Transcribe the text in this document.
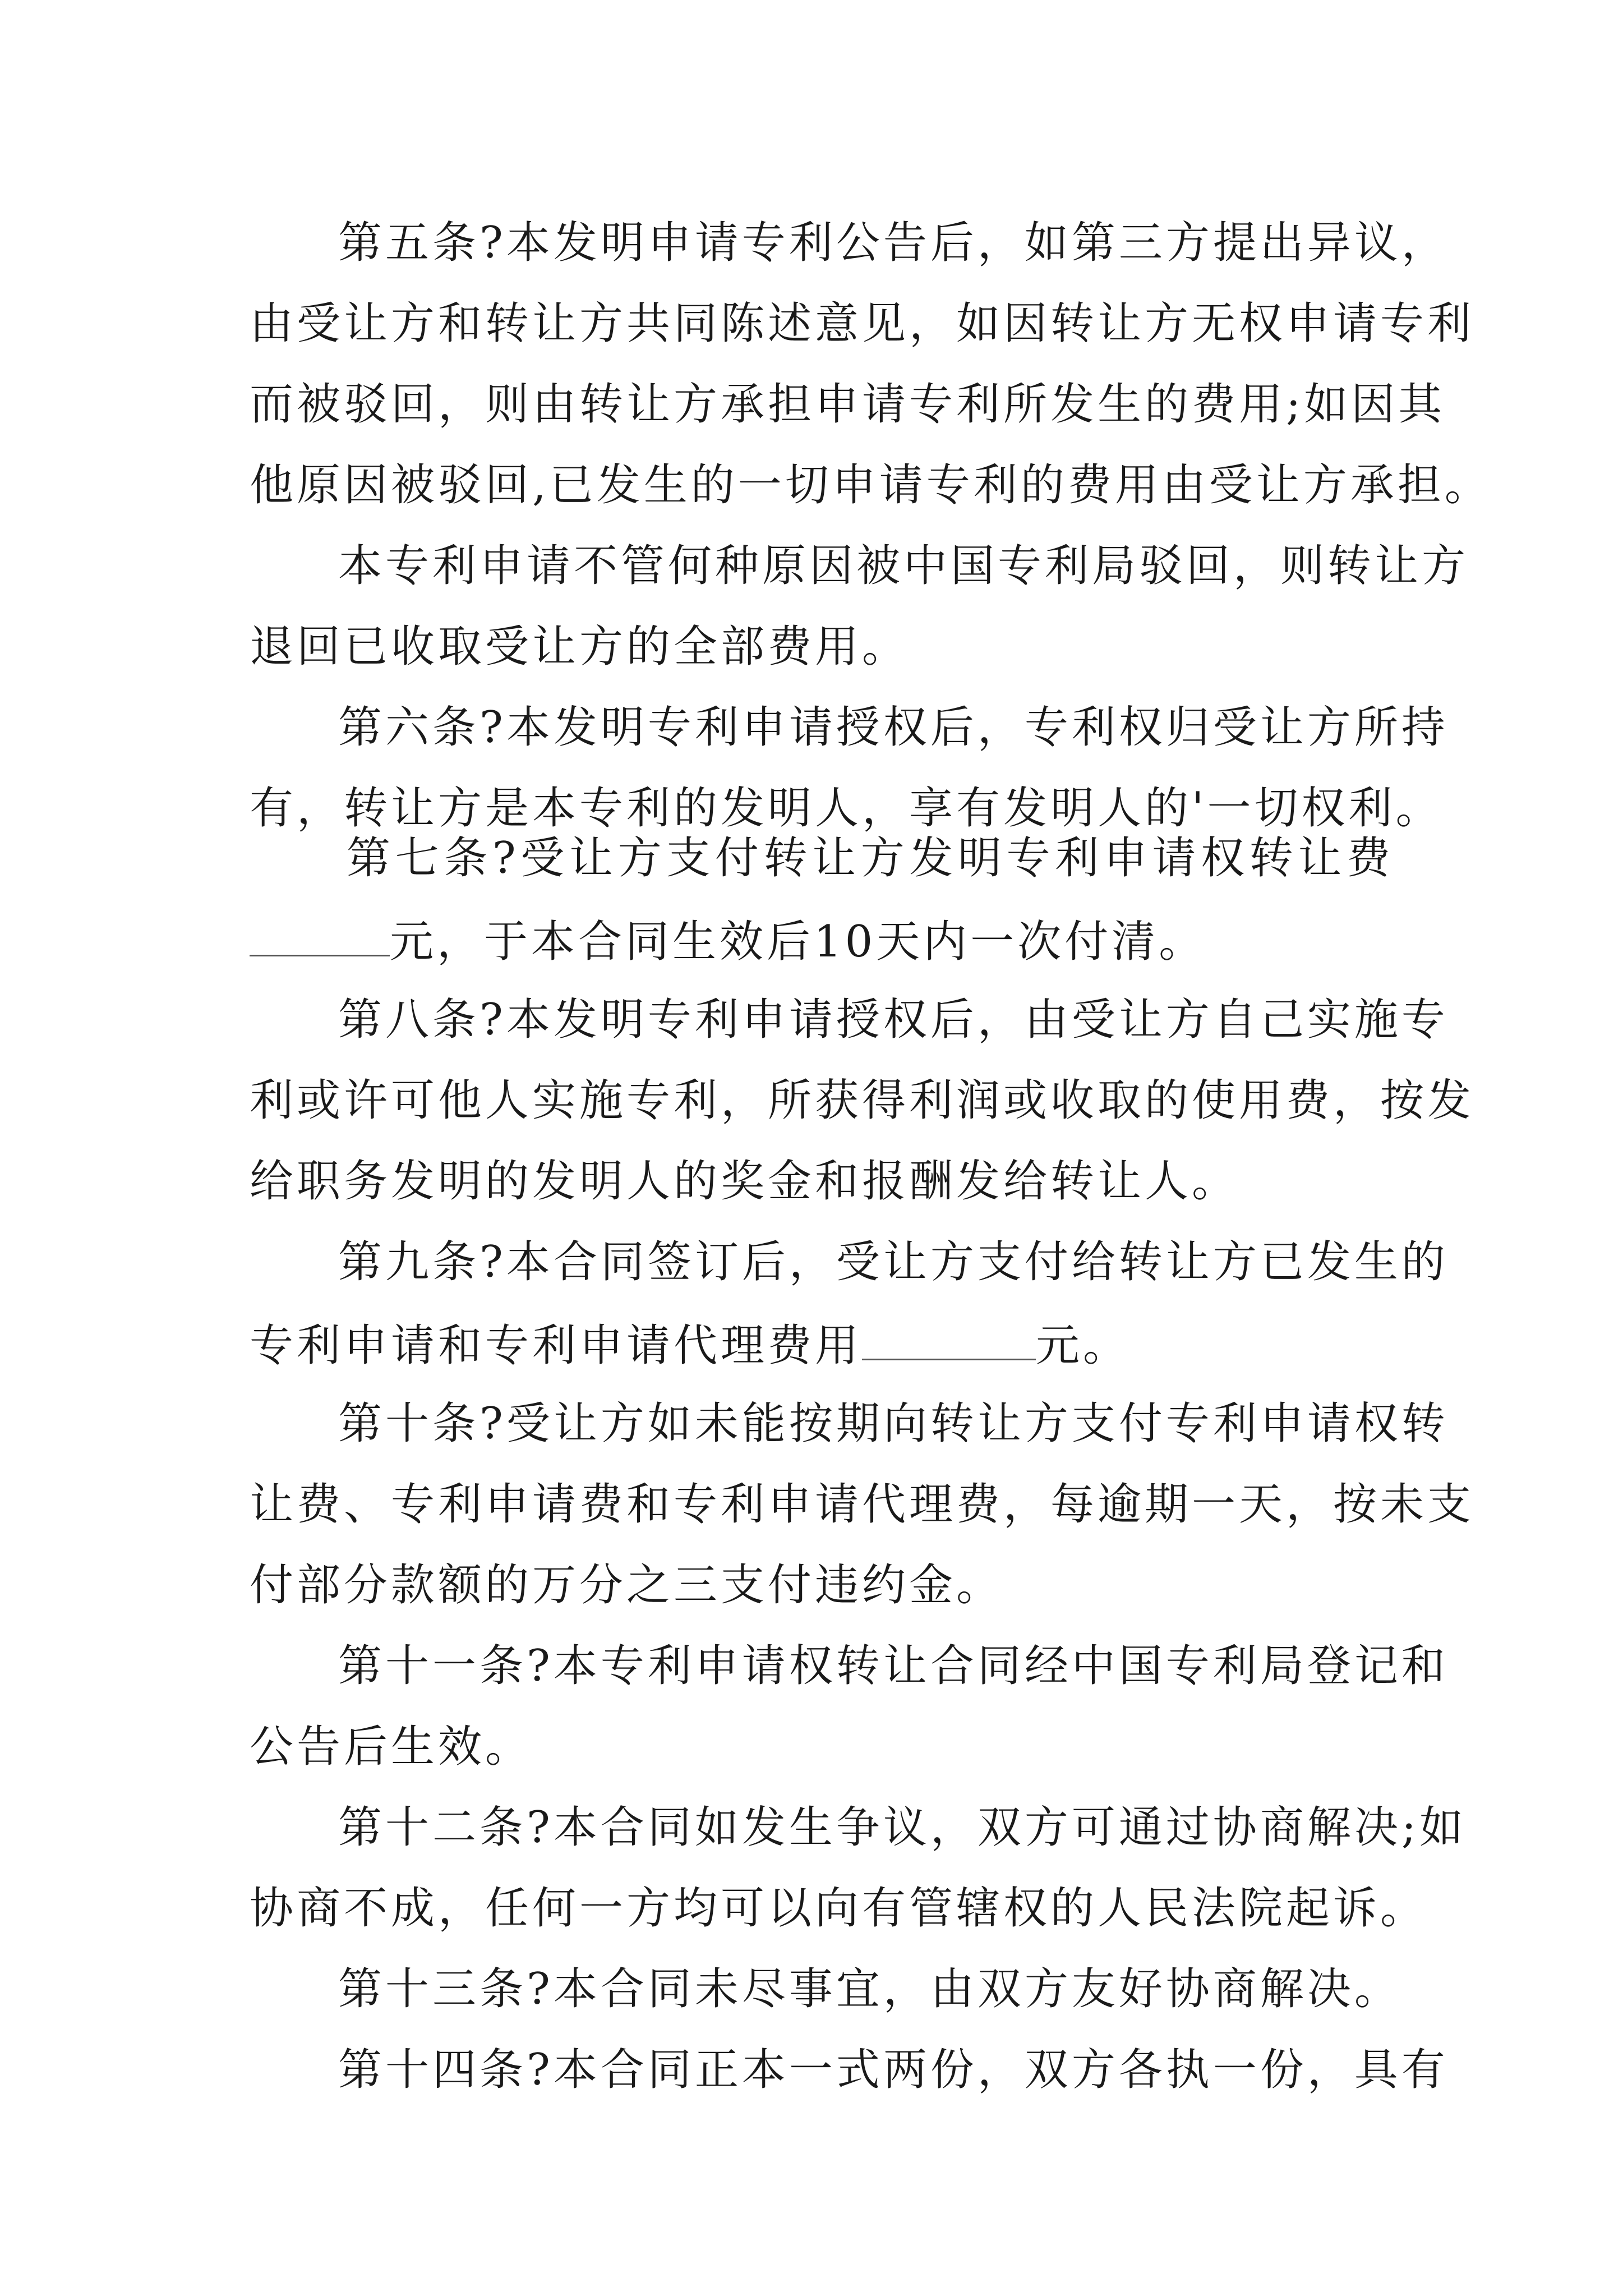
第五条?本发明申请专利公告后，如第三方提出异议，
由受让方和转让方共同陈述意见，如因转让方无权申请专利
而被驳回，则由转让方承担申请专利所发生的费用;如因其
他原因被驳回,已发生的一切申请专利的费用由受让方承担。
本专利申请不管何种原因被中国专利局驳回，则转让方
退回已收取受让方的全部费用。
第六条?本发明专利申请授权后，专利权归受让方所持
有，转让方是本专利的发明人，享有发明人的'一切权利。
第七条?受让方支付转让方发明专利申请权转让费
元，于本合同生效后10天内一次付清。
第八条?本发明专利申请授权后，由受让方自己实施专
利或许可他人实施专利，所获得利润或收取的使用费，按发
给职务发明的发明人的奖金和报酬发给转让人。
第九条?本合同签订后，受让方支付给转让方已发生的
专利申请和专利申请代理费用	元。
第十条?受让方如未能按期向转让方支付专利申请权转
让费、专利申请费和专利申请代理费，每逾期一天，按未支
付部分款额的万分之三支付违约金。
第十一条?本专利申请权转让合同经中国专利局登记和
公告后生效。
第十二条?本合同如发生争议，双方可通过协商解决;如
协商不成，任何一方均可以向有管辖权的人民法院起诉。
第十三条?本合同未尽事宜，由双方友好协商解决。
第十四条?本合同正本一式两份，双方各执一份，具有
